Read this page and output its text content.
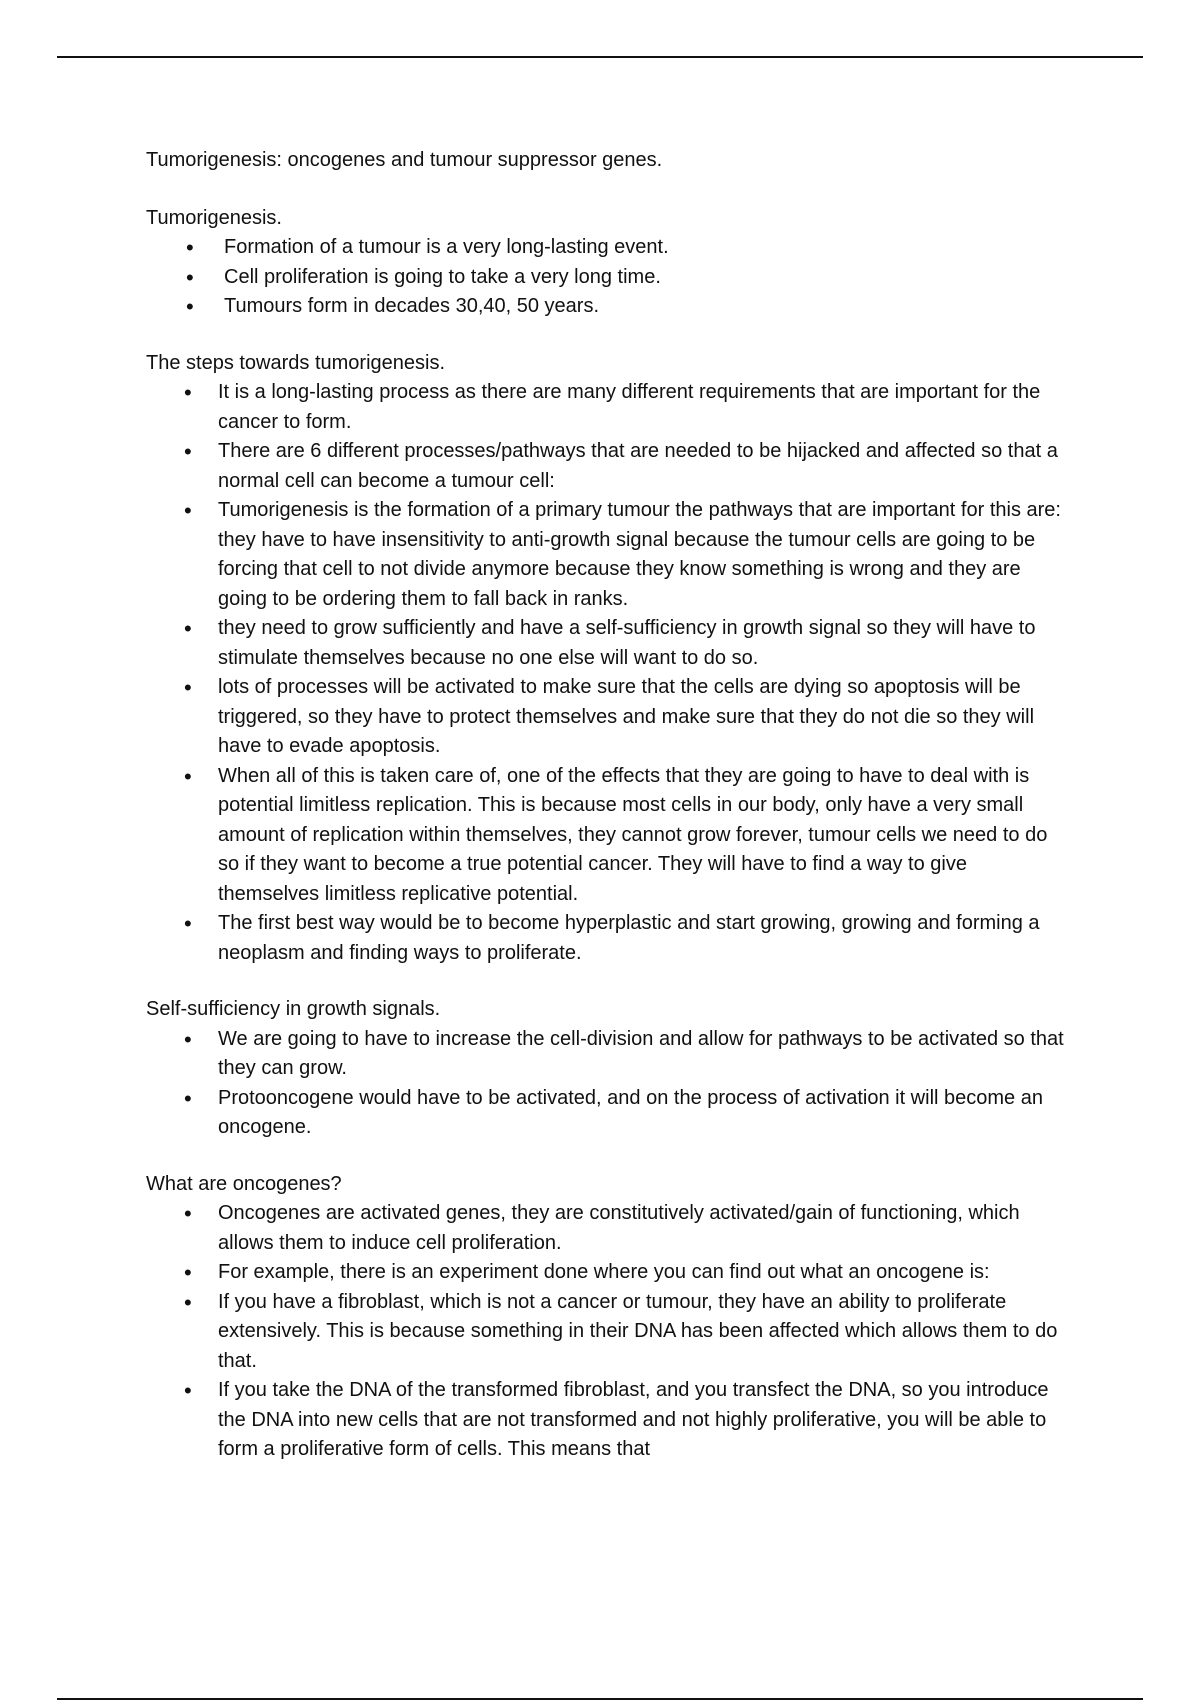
Tumorigenesis: oncogenes and tumour suppressor genes.
Tumorigenesis.
• Formation of a tumour is a very long-lasting event.
• Cell proliferation is going to take a very long time.
• Tumours form in decades 30,40, 50 years.
The steps towards tumorigenesis.
• It is a long-lasting process as there are many different requirements that are important for the cancer to form.
• There are 6 different processes/pathways that are needed to be hijacked and affected so that a normal cell can become a tumour cell:
• Tumorigenesis is the formation of a primary tumour the pathways that are important for this are: they have to have insensitivity to anti-growth signal because the tumour cells are going to be forcing that cell to not divide anymore because they know something is wrong and they are going to be ordering them to fall back in ranks.
• they need to grow sufficiently and have a self-sufficiency in growth signal so they will have to stimulate themselves because no one else will want to do so.
• lots of processes will be activated to make sure that the cells are dying so apoptosis will be triggered, so they have to protect themselves and make sure that they do not die so they will have to evade apoptosis.
• When all of this is taken care of, one of the effects that they are going to have to deal with is potential limitless replication. This is because most cells in our body, only have a very small amount of replication within themselves, they cannot grow forever, tumour cells we need to do so if they want to become a true potential cancer. They will have to find a way to give themselves limitless replicative potential.
• The first best way would be to become hyperplastic and start growing, growing and forming a neoplasm and finding ways to proliferate.
Self-sufficiency in growth signals.
• We are going to have to increase the cell-division and allow for pathways to be activated so that they can grow.
• Protooncogene would have to be activated, and on the process of activation it will become an oncogene.
What are oncogenes?
• Oncogenes are activated genes, they are constitutively activated/gain of functioning, which allows them to induce cell proliferation.
• For example, there is an experiment done where you can find out what an oncogene is:
• If you have a fibroblast, which is not a cancer or tumour, they have an ability to proliferate extensively. This is because something in their DNA has been affected which allows them to do that.
• If you take the DNA of the transformed fibroblast, and you transfect the DNA, so you introduce the DNA into new cells that are not transformed and not highly proliferative, you will be able to form a proliferative form of cells. This means that
